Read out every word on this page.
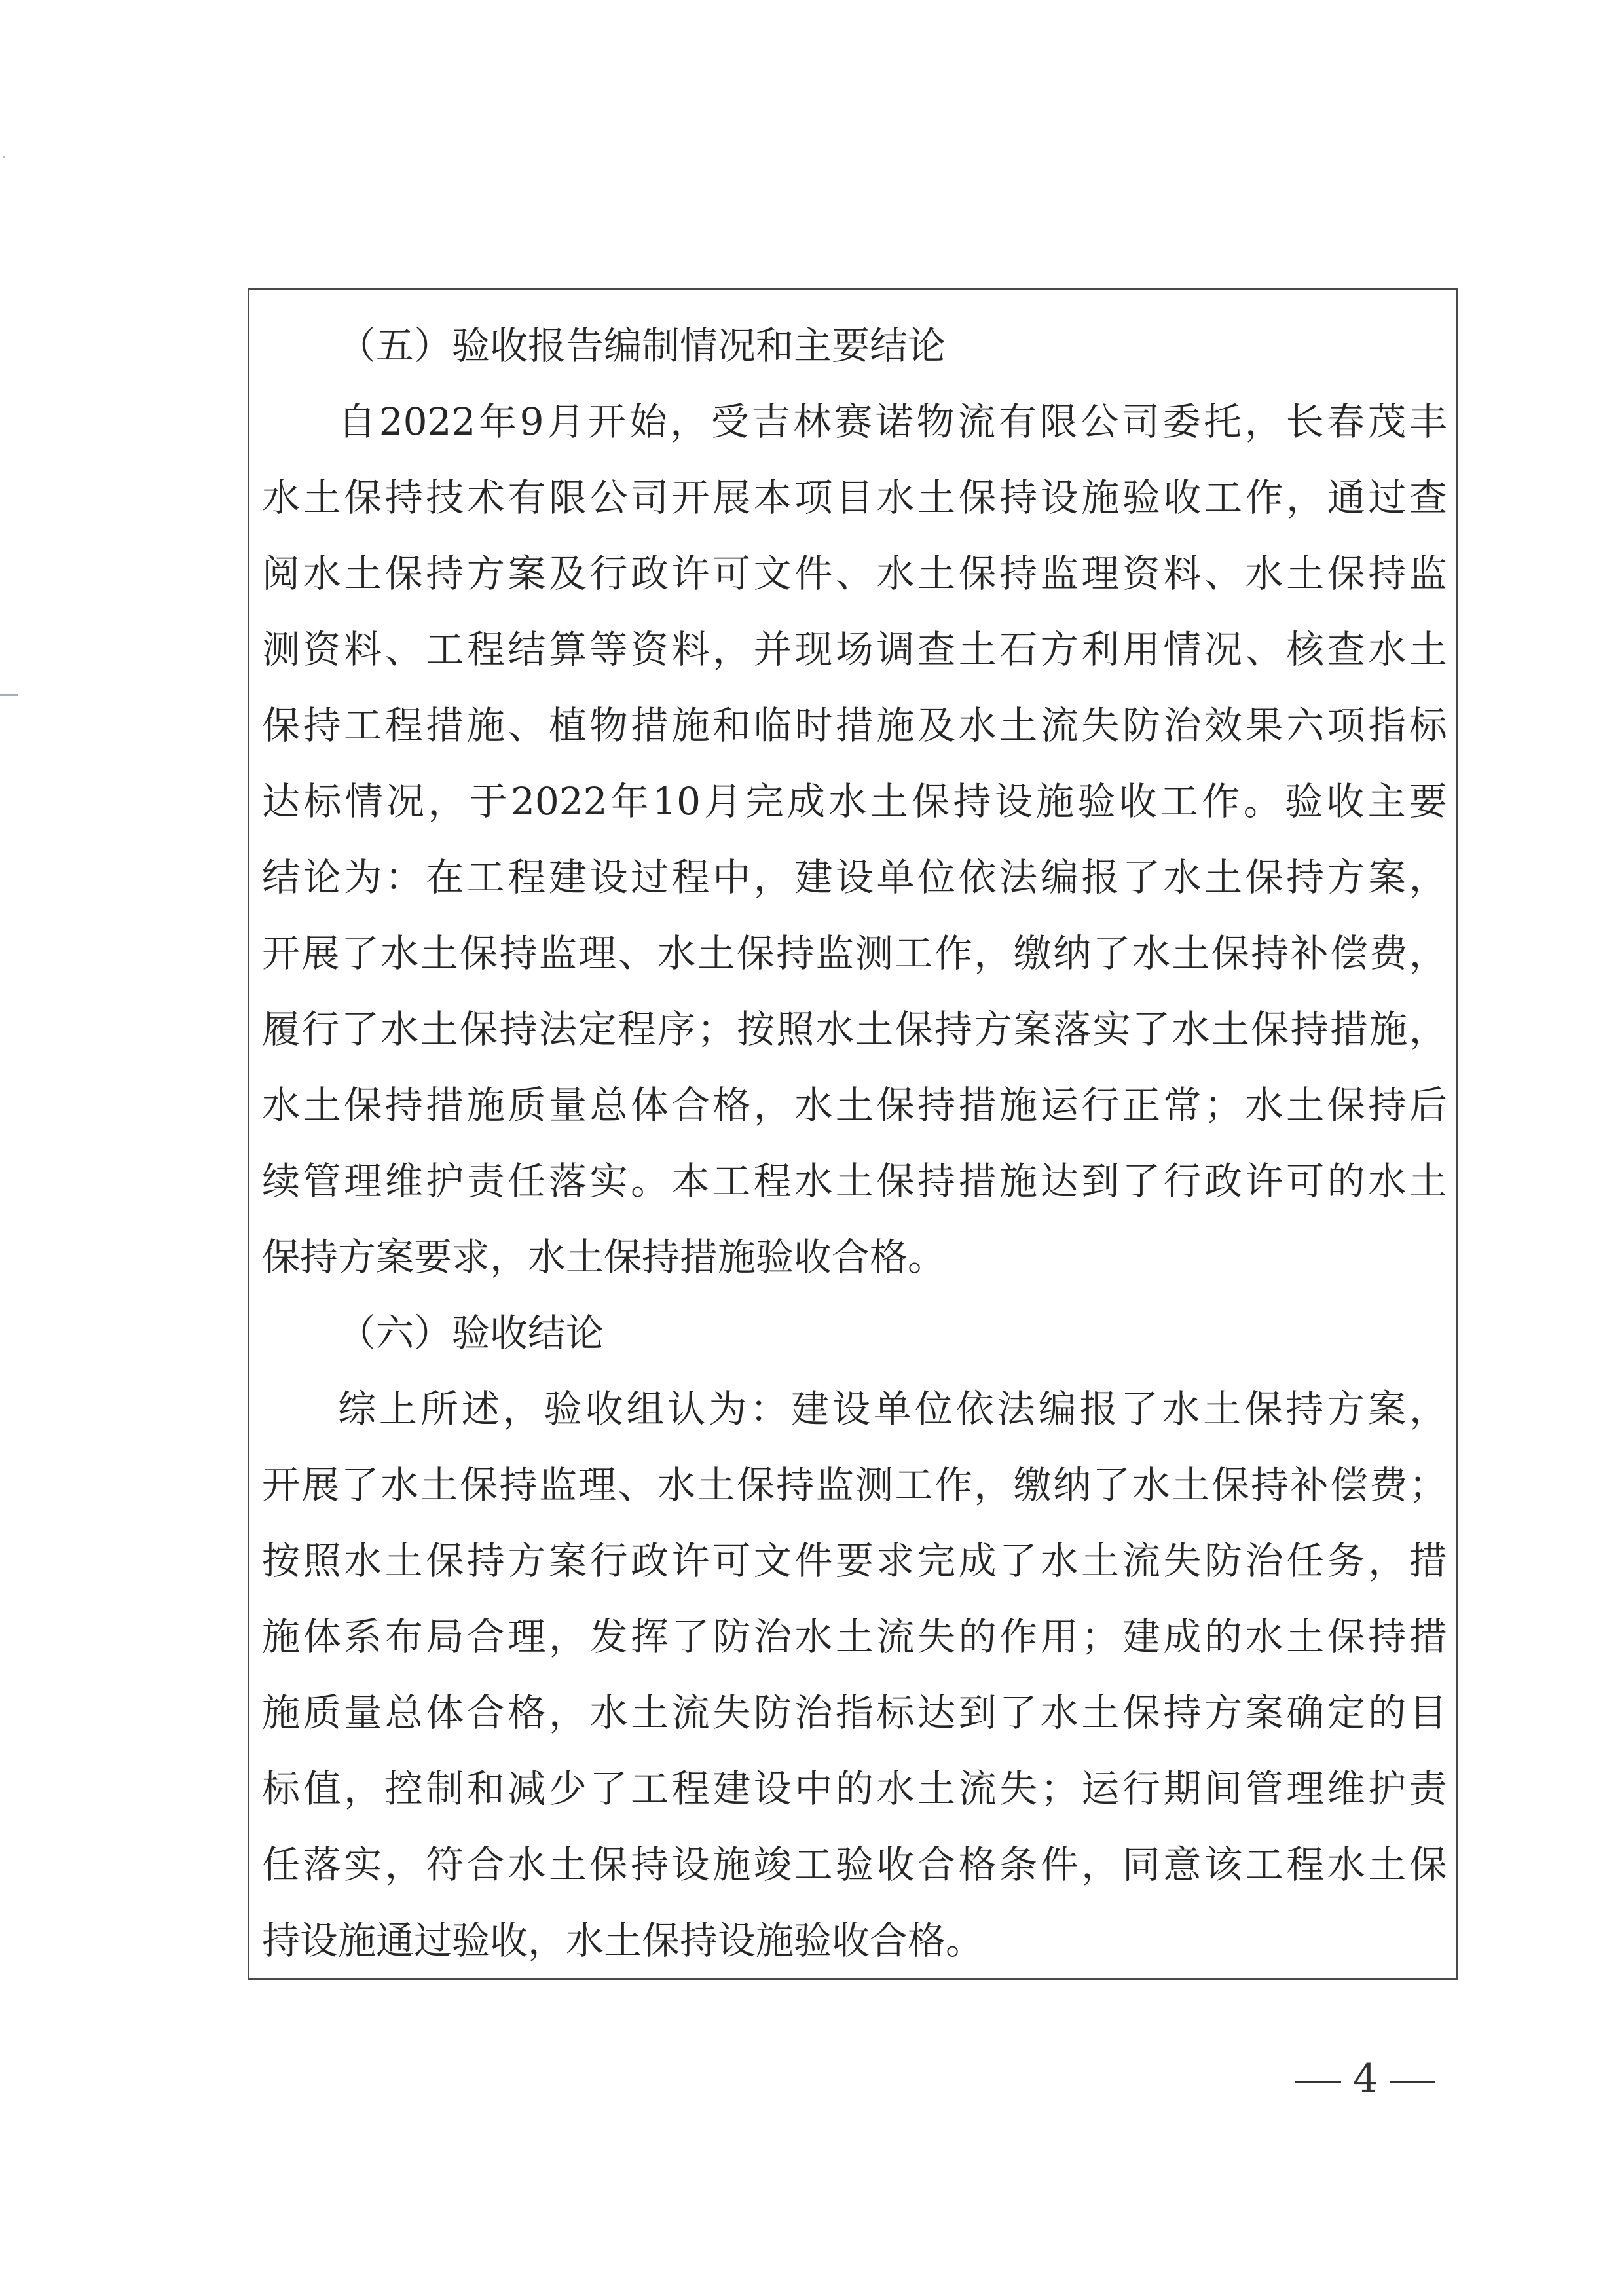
（五）验收报告编制情况和主要结论
自 2022 年 9 月 开 始 ， 受 吉 林 赛 诺 物 流 有 限 公 司 委 托 ， 长 春 茂 丰
水 土 保 持 技 术 有 限 公 司 开 展 本 项 目 水 土 保 持 设 施 验 收 工 作 ， 通 过 查
阅 水 土 保 持 方 案 及 行 政 许 可 文 件 、 水 土 保 持 监 理 资 料 、 水 土 保 持 监
测 资 料 、 工 程 结 算 等 资 料 ， 并 现 场 调 查 土 石 方 利 用 情 况 、 核 查 水 土
保 持 工 程 措 施 、 植 物 措 施 和 临 时 措 施 及 水 土 流 失 防 治 效 果 六 项 指 标
达 标 情 况 ， 于 2022 年 10 月 完 成 水 土 保 持 设 施 验 收 工 作 。 验 收 主 要
结 论 为 ： 在 工 程 建 设 过 程 中 ， 建 设 单 位 依 法 编 报 了 水 土 保 持 方 案 ，
开 展 了 水 土 保 持 监 理 、 水 土 保 持 监 测 工 作 ， 缴 纳 了 水 土 保 持 补 偿 费 ，
履 行 了 水 土 保 持 法 定 程 序 ； 按 照 水 土 保 持 方 案 落 实 了 水 土 保 持 措 施 ，
水 土 保 持 措 施 质 量 总 体 合 格 ， 水 土 保 持 措 施 运 行 正 常 ； 水 土 保 持 后
续 管 理 维 护 责 任 落 实 。 本 工 程 水 土 保 持 措 施 达 到 了 行 政 许 可 的 水 土
保持方案要求，水土保持措施验收合格。
（六）验收结论
综 上 所 述 ， 验 收 组 认 为 ： 建 设 单 位 依 法 编 报 了 水 土 保 持 方 案 ，
开 展 了 水 土 保 持 监 理 、 水 土 保 持 监 测 工 作 ， 缴 纳 了 水 土 保 持 补 偿 费 ；
按 照 水 土 保 持 方 案 行 政 许 可 文 件 要 求 完 成 了 水 土 流 失 防 治 任 务 ， 措
施 体 系 布 局 合 理 ， 发 挥 了 防 治 水 土 流 失 的 作 用 ； 建 成 的 水 土 保 持 措
施 质 量 总 体 合 格 ， 水 土 流 失 防 治 指 标 达 到 了 水 土 保 持 方 案 确 定 的 目
标 值 ， 控 制 和 减 少 了 工 程 建 设 中 的 水 土 流 失 ； 运 行 期 间 管 理 维 护 责
任 落 实 ， 符 合 水 土 保 持 设 施 竣 工 验 收 合 格 条 件 ， 同 意 该 工 程 水 土 保
持设施通过验收，水土保持设施验收合格。
4
